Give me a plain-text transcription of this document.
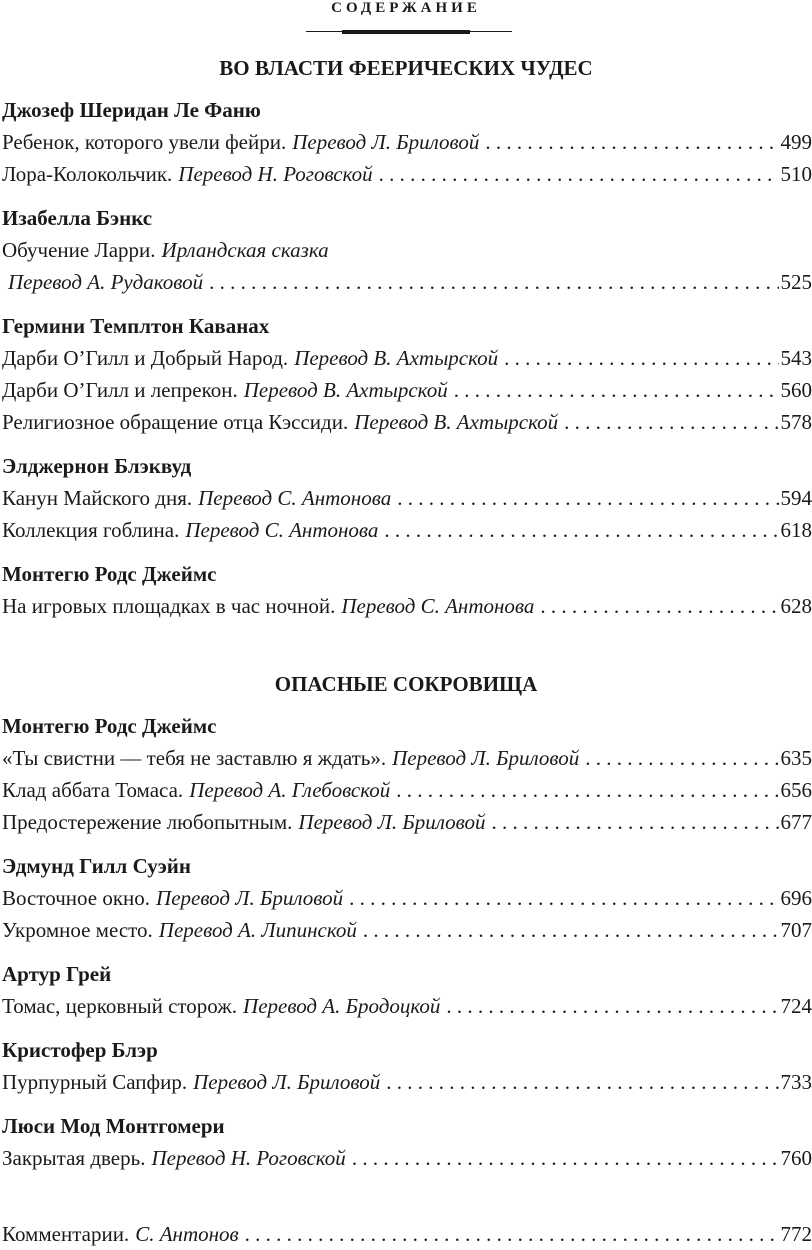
СОДЕРЖАНИЕ
ВО ВЛАСТИ ФЕЕРИЧЕСКИХ ЧУДЕС
Джозеф Шеридан Ле Фаню
Ребенок, которого увели фейри. Перевод Л. Бриловой . . .	499
Лора-Колокольчик. Перевод Н. Роговской . . .	510
Изабелла Бэнкс
Обучение Ларри. Ирландская сказка
Перевод А. Рудаковой . . .	525
Гермини Темплтон Каванах
Дарби О’Гилл и Добрый Народ. Перевод В. Ахтырской . . .	543
Дарби О’Гилл и лепрекон. Перевод В. Ахтырской . . .	560
Религиозное обращение отца Кэссиди. Перевод В. Ахтырской . . .	578
Элджернон Блэквуд
Канун Майского дня. Перевод С. Антонова . . .	594
Коллекция гоблина. Перевод С. Антонова . . .	618
Монтегю Родс Джеймс
На игровых площадках в час ночной. Перевод С. Антонова . . .	628
ОПАСНЫЕ СОКРОВИЩА
Монтегю Родс Джеймс
«Ты свистни — тебя не заставлю я ждать». Перевод Л. Бриловой . . .	635
Клад аббата Томаса. Перевод А. Глебовской . . .	656
Предостережение любопытным. Перевод Л. Бриловой . . .	677
Эдмунд Гилл Суэйн
Восточное окно. Перевод Л. Бриловой . . .	696
Укромное место. Перевод А. Липинской . . .	707
Артур Грей
Томас, церковный сторож. Перевод А. Бродоцкой . . .	724
Кристофер Блэр
Пурпурный Сапфир. Перевод Л. Бриловой . . .	733
Люси Мод Монтгомери
Закрытая дверь. Перевод Н. Роговской . . .	760
Комментарии. С. Антонов . . .	772
